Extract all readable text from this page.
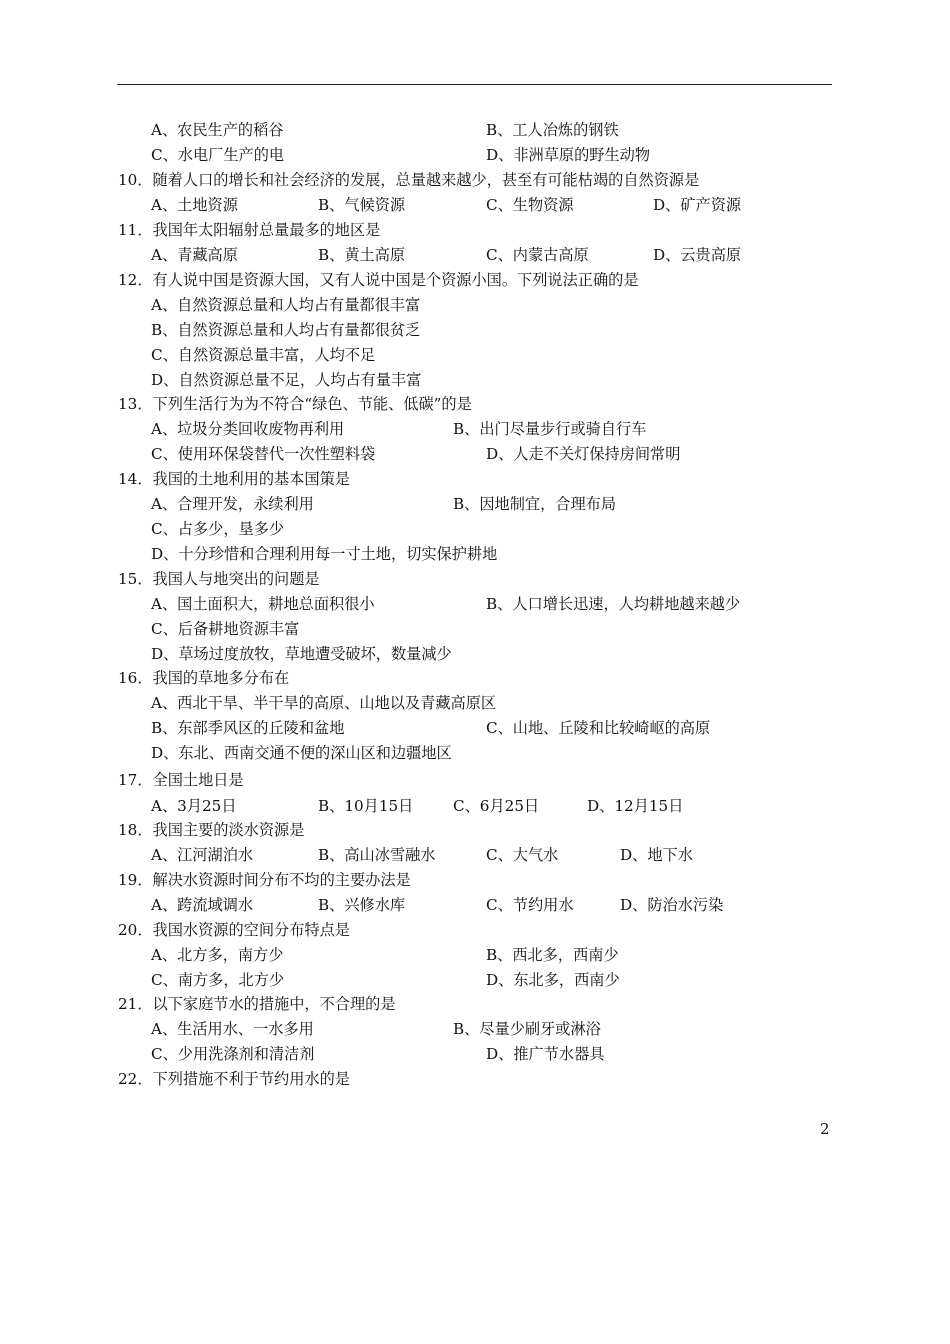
A、农民生产的稻谷	B、工人冶炼的钢铁
C、水电厂生产的电	D、非洲草原的野生动物
10．随着人口的增长和社会经济的发展，总量越来越少，甚至有可能枯竭的自然资源是
A、土地资源	B、气候资源	C、生物资源	D、矿产资源
11．我国年太阳辐射总量最多的地区是
A、青藏高原	B、黄土高原	C、内蒙古高原	D、云贵高原
12．有人说中国是资源大国，又有人说中国是个资源小国。下列说法正确的是
A、自然资源总量和人均占有量都很丰富
B、自然资源总量和人均占有量都很贫乏
C、自然资源总量丰富，人均不足
D、自然资源总量不足，人均占有量丰富
13．下列生活行为为不符合“绿色、节能、低碳”的是
A、垃圾分类回收废物再利用	B、出门尽量步行或骑自行车
C、使用环保袋替代一次性塑料袋	D、人走不关灯保持房间常明
14．我国的土地利用的基本国策是
A、合理开发，永续利用	B、因地制宜，合理布局
C、占多少，垦多少
D、十分珍惜和合理利用每一寸土地，切实保护耕地
15．我国人与地突出的问题是
A、国土面积大，耕地总面积很小	B、人口增长迅速，人均耕地越来越少
C、后备耕地资源丰富
D、草场过度放牧，草地遭受破坏，数量减少
16．我国的草地多分布在
A、西北干旱、半干旱的高原、山地以及青藏高原区
B、东部季风区的丘陵和盆地	C、山地、丘陵和比较崎岖的高原
D、东北、西南交通不便的深山区和边疆地区
17．全国土地日是
A、3月25日	B、10月15日	C、6月25日	D、12月15日
18．我国主要的淡水资源是
A、江河湖泊水	B、高山冰雪融水	C、大气水	D、地下水
19．解决水资源时间分布不均的主要办法是
A、跨流域调水	B、兴修水库	C、节约用水	D、防治水污染
20．我国水资源的空间分布特点是
A、北方多，南方少	B、西北多，西南少
C、南方多，北方少	D、东北多，西南少
21．以下家庭节水的措施中，不合理的是
A、生活用水、一水多用	B、尽量少刷牙或淋浴
C、少用洗涤剂和清洁剂	D、推广节水器具
22．下列措施不利于节约用水的是
2
